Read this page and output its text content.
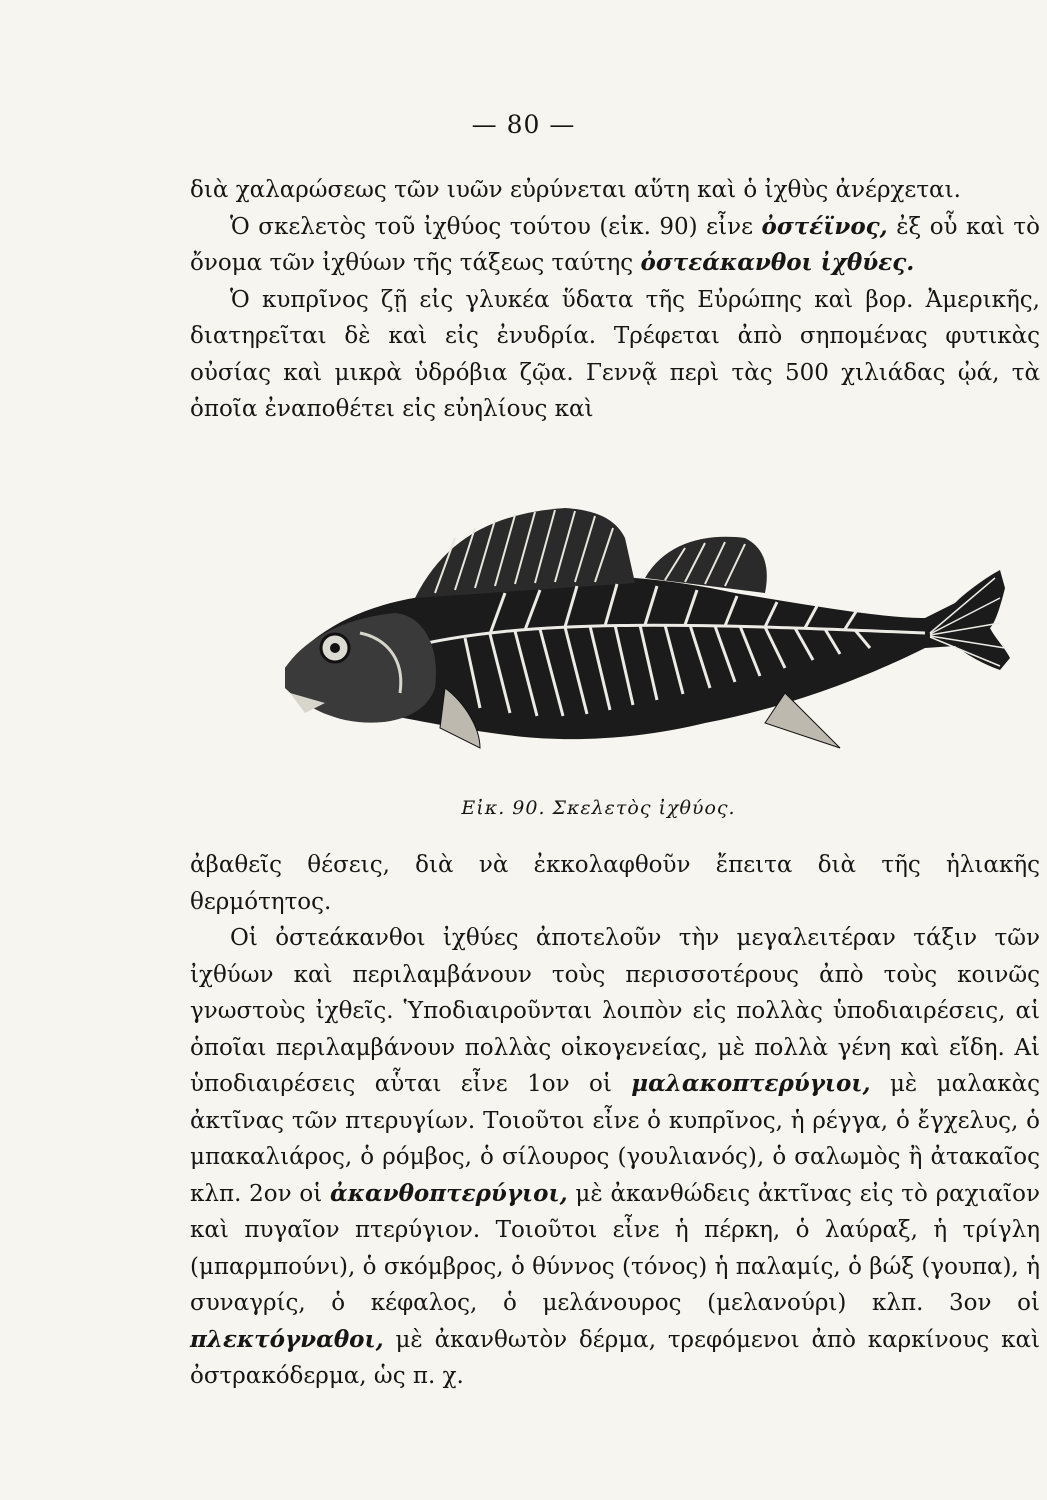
— 80 —

διὰ χαλαρώσεως τῶν ιυῶν εὐρύνεται αὕτη καὶ ὁ ἰχθὺς ἀνέρχεται.

Ὁ σκελετὸς τοῦ ἰχθύος τούτου (εἰκ. 90) εἶνε ὀστέϊνος, ἐξ οὗ καὶ τὸ ὄνομα τῶν ἰχθύων τῆς τάξεως ταύτης ὀστεάκανθοι ἰχθύες.

Ὁ κυπρῖνος ζῇ εἰς γλυκέα ὕδατα τῆς Εὐρώπης καὶ βορ. Ἀμερικῆς, διατηρεῖται δὲ καὶ εἰς ἐνυδρία. Τρέφεται ἀπὸ σηπομένας φυτικὰς οὐσίας καὶ μικρὰ ὑδρόβια ζῷα. Γεννᾷ περὶ τὰς 500 χιλιάδας ᾠά, τὰ ὁποῖα ἐναποθέτει εἰς εὐηλίους καὶ

Εἰκ. 90. Σκελετὸς ἰχθύος.

ἀβαθεῖς θέσεις, διὰ νὰ ἐκκολαφθοῦν ἔπειτα διὰ τῆς ἡλιακῆς θερμότητος.

Οἱ ὀστεάκανθοι ἰχθύες ἀποτελοῦν τὴν μεγαλειτέραν τάξιν τῶν ἰχθύων καὶ περιλαμβάνουν τοὺς περισσοτέρους ἀπὸ τοὺς κοινῶς γνωστοὺς ἰχθεῖς. Ὑποδιαιροῦνται λοιπὸν εἰς πολλὰς ὑποδιαιρέσεις, αἱ ὁποῖαι περιλαμβάνουν πολλὰς οἰκογενείας, μὲ πολλὰ γένη καὶ εἴδη. Αἱ ὑποδιαιρέσεις αὗται εἶνε 1ον οἱ μαλακοπτερύγιοι, μὲ μαλακὰς ἀκτῖνας τῶν πτερυγίων. Τοιοῦτοι εἶνε ὁ κυπρῖνος, ἡ ρέγγα, ὁ ἔγχελυς, ὁ μπακαλιάρος, ὁ ρόμβος, ὁ σίλουρος (γουλιανός), ὁ σαλωμὸς ἢ ἀτακαῖος κλπ. 2ον οἱ ἀκανθοπτερύγιοι, μὲ ἀκανθώδεις ἀκτῖνας εἰς τὸ ραχιαῖον καὶ πυγαῖον πτερύγιον. Τοιοῦτοι εἶνε ἡ πέρκη, ὁ λαύραξ, ἡ τρίγλη (μπαρμπούνι), ὁ σκόμβρος, ὁ θύννος (τόνος) ἡ παλαμίς, ὁ βώξ (γουπα), ἡ συναγρίς, ὁ κέφαλος, ὁ μελάνουρος (μελανούρι) κλπ. 3ον οἱ πλεκτόγναθοι, μὲ ἀκανθωτὸν δέρμα, τρεφόμενοι ἀπὸ καρκίνους καὶ ὀστρακόδερμα, ὡς π. χ.
